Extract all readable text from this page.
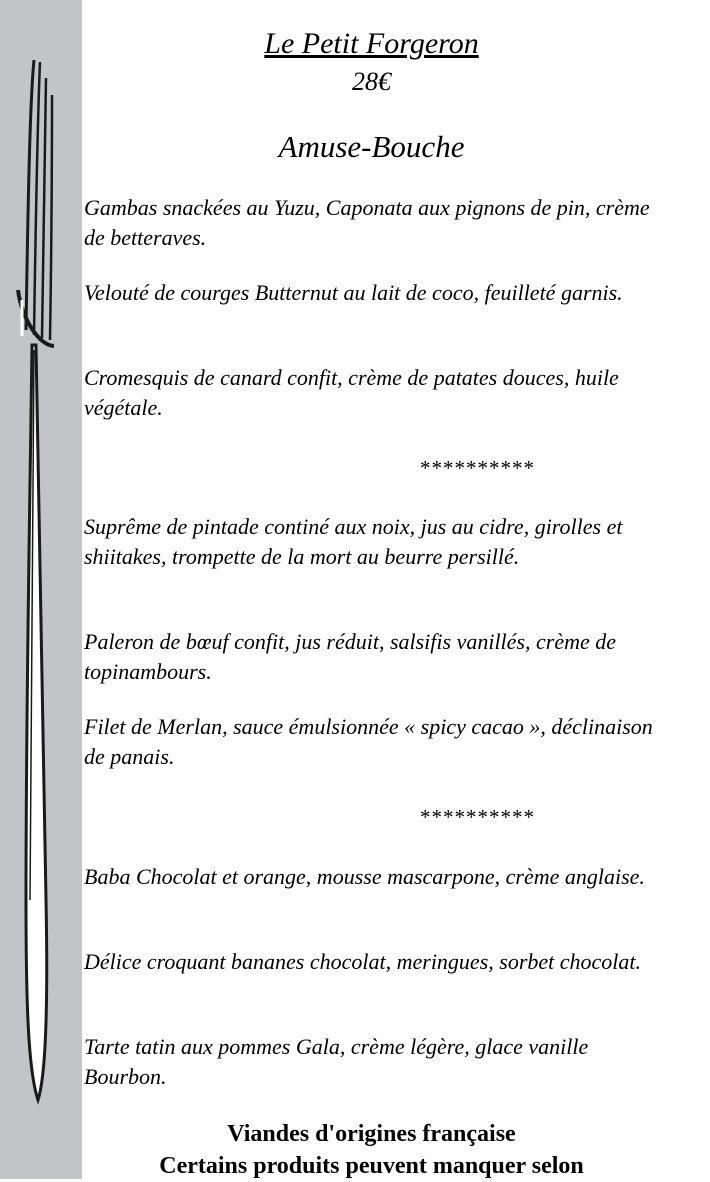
Le Petit Forgeron
28€
Amuse-Bouche

Gambas snackées au Yuzu, Caponata aux pignons de pin, crème de betteraves.

Velouté de courges Butternut au lait de coco, feuilleté garnis.

Cromesquis de canard confit, crème de patates douces, huile végétale.

**********

Suprême de pintade continé aux noix, jus au cidre, girolles et shiitakes, trompette de la mort au beurre persillé.

Paleron de bœuf confit, jus réduit, salsifis vanillés, crème de topinambours.

Filet de Merlan, sauce émulsionnée « spicy cacao », déclinaison de panais.

**********

Baba Chocolat et orange, mousse mascarpone, crème anglaise.

Délice croquant bananes chocolat, meringues, sorbet chocolat.

Tarte tatin aux pommes Gala, crème légère, glace vanille Bourbon.

Viandes d'origines française
Certains produits peuvent manquer selon
